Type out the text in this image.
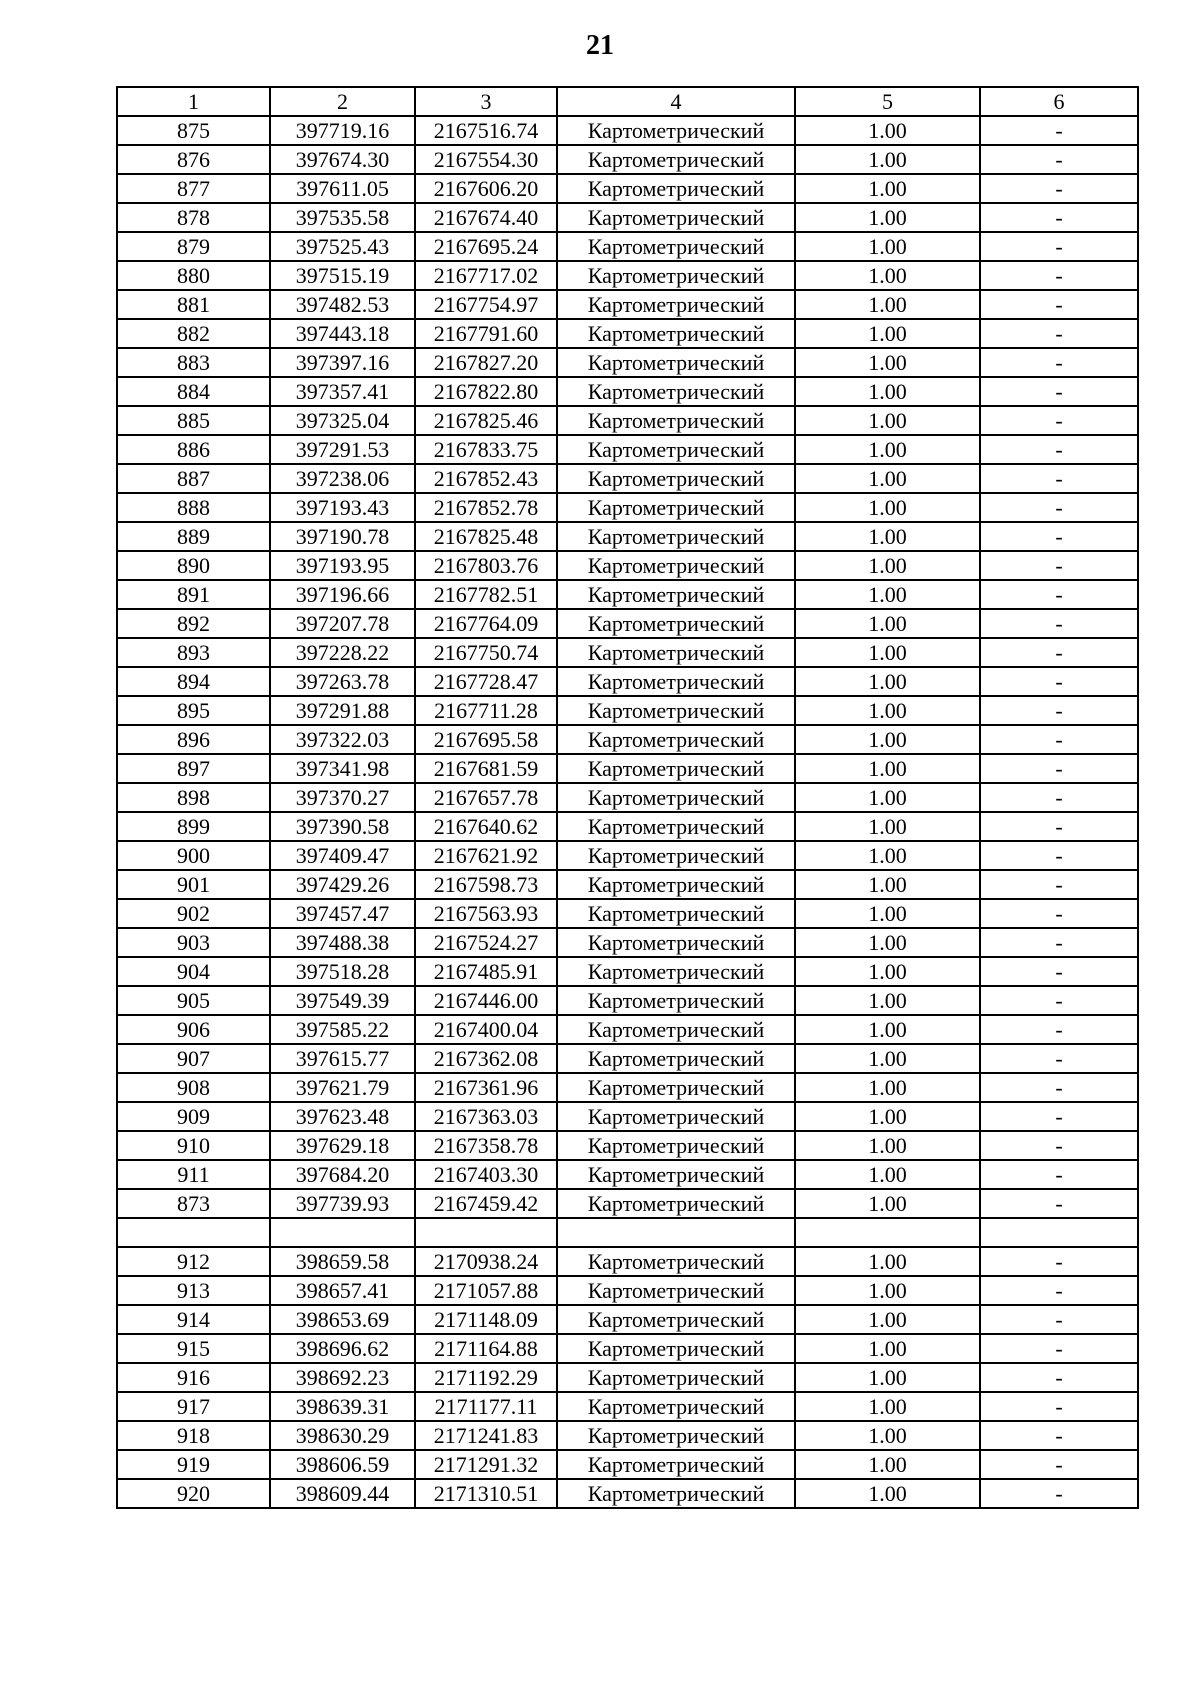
21
1	2	3	4	5	6
875	397719.16	2167516.74	Картометрический	1.00	-
876	397674.30	2167554.30	Картометрический	1.00	-
877	397611.05	2167606.20	Картометрический	1.00	-
878	397535.58	2167674.40	Картометрический	1.00	-
879	397525.43	2167695.24	Картометрический	1.00	-
880	397515.19	2167717.02	Картометрический	1.00	-
881	397482.53	2167754.97	Картометрический	1.00	-
882	397443.18	2167791.60	Картометрический	1.00	-
883	397397.16	2167827.20	Картометрический	1.00	-
884	397357.41	2167822.80	Картометрический	1.00	-
885	397325.04	2167825.46	Картометрический	1.00	-
886	397291.53	2167833.75	Картометрический	1.00	-
887	397238.06	2167852.43	Картометрический	1.00	-
888	397193.43	2167852.78	Картометрический	1.00	-
889	397190.78	2167825.48	Картометрический	1.00	-
890	397193.95	2167803.76	Картометрический	1.00	-
891	397196.66	2167782.51	Картометрический	1.00	-
892	397207.78	2167764.09	Картометрический	1.00	-
893	397228.22	2167750.74	Картометрический	1.00	-
894	397263.78	2167728.47	Картометрический	1.00	-
895	397291.88	2167711.28	Картометрический	1.00	-
896	397322.03	2167695.58	Картометрический	1.00	-
897	397341.98	2167681.59	Картометрический	1.00	-
898	397370.27	2167657.78	Картометрический	1.00	-
899	397390.58	2167640.62	Картометрический	1.00	-
900	397409.47	2167621.92	Картометрический	1.00	-
901	397429.26	2167598.73	Картометрический	1.00	-
902	397457.47	2167563.93	Картометрический	1.00	-
903	397488.38	2167524.27	Картометрический	1.00	-
904	397518.28	2167485.91	Картометрический	1.00	-
905	397549.39	2167446.00	Картометрический	1.00	-
906	397585.22	2167400.04	Картометрический	1.00	-
907	397615.77	2167362.08	Картометрический	1.00	-
908	397621.79	2167361.96	Картометрический	1.00	-
909	397623.48	2167363.03	Картометрический	1.00	-
910	397629.18	2167358.78	Картометрический	1.00	-
911	397684.20	2167403.30	Картометрический	1.00	-
873	397739.93	2167459.42	Картометрический	1.00	-

912	398659.58	2170938.24	Картометрический	1.00	-
913	398657.41	2171057.88	Картометрический	1.00	-
914	398653.69	2171148.09	Картометрический	1.00	-
915	398696.62	2171164.88	Картометрический	1.00	-
916	398692.23	2171192.29	Картометрический	1.00	-
917	398639.31	2171177.11	Картометрический	1.00	-
918	398630.29	2171241.83	Картометрический	1.00	-
919	398606.59	2171291.32	Картометрический	1.00	-
920	398609.44	2171310.51	Картометрический	1.00	-
